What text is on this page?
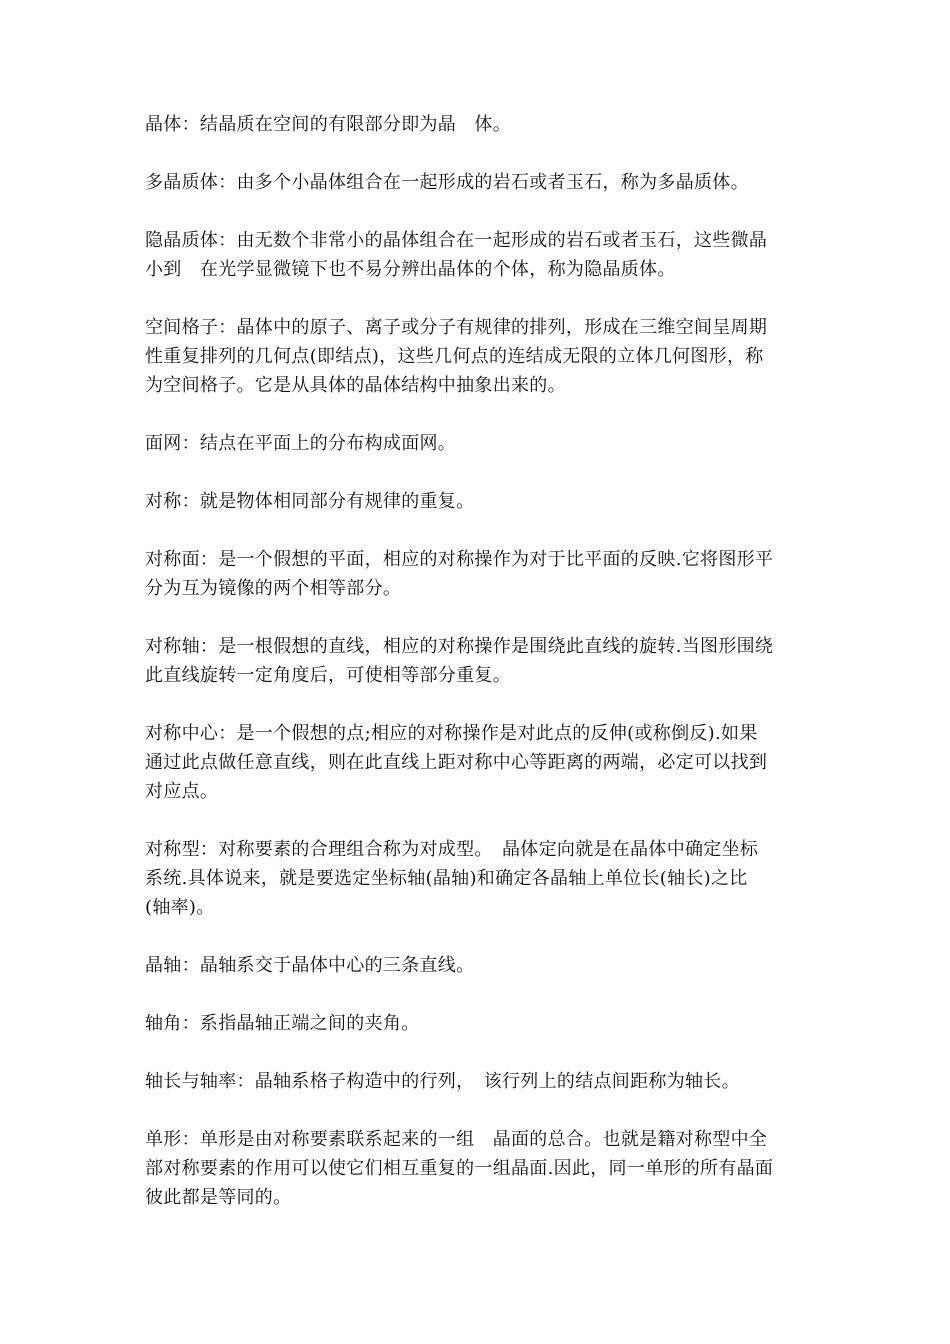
晶体：结晶质在空间的有限部分即为晶　体。

多晶质体：由多个小晶体组合在一起形成的岩石或者玉石，称为多晶质体。

隐晶质体：由无数个非常小的晶体组合在一起形成的岩石或者玉石，这些微晶
小到　在光学显微镜下也不易分辨出晶体的个体，称为隐晶质体。

空间格子：晶体中的原子、离子或分子有规律的排列，形成在三维空间呈周期
性重复排列的几何点(即结点)，这些几何点的连结成无限的立体几何图形，称
为空间格子。它是从具体的晶体结构中抽象出来的。

面网：结点在平面上的分布构成面网。

对称：就是物体相同部分有规律的重复。

对称面：是一个假想的平面，相应的对称操作为对于比平面的反映.它将图形平
分为互为镜像的两个相等部分。

对称轴：是一根假想的直线，相应的对称操作是围绕此直线的旋转.当图形围绕
此直线旋转一定角度后，可使相等部分重复。

对称中心：是一个假想的点;相应的对称操作是对此点的反伸(或称倒反).如果
通过此点做任意直线，则在此直线上距对称中心等距离的两端，必定可以找到
对应点。

对称型：对称要素的合理组合称为对成型。　晶体定向就是在晶体中确定坐标
系统.具体说来，就是要选定坐标轴(晶轴)和确定各晶轴上单位长(轴长)之比
(轴率)。

晶轴：晶轴系交于晶体中心的三条直线。

轴角：系指晶轴正端之间的夹角。

轴长与轴率：晶轴系格子构造中的行列，　该行列上的结点间距称为轴长。

单形：单形是由对称要素联系起来的一组　晶面的总合。也就是籍对称型中全
部对称要素的作用可以使它们相互重复的一组晶面.因此，同一单形的所有晶面
彼此都是等同的。
